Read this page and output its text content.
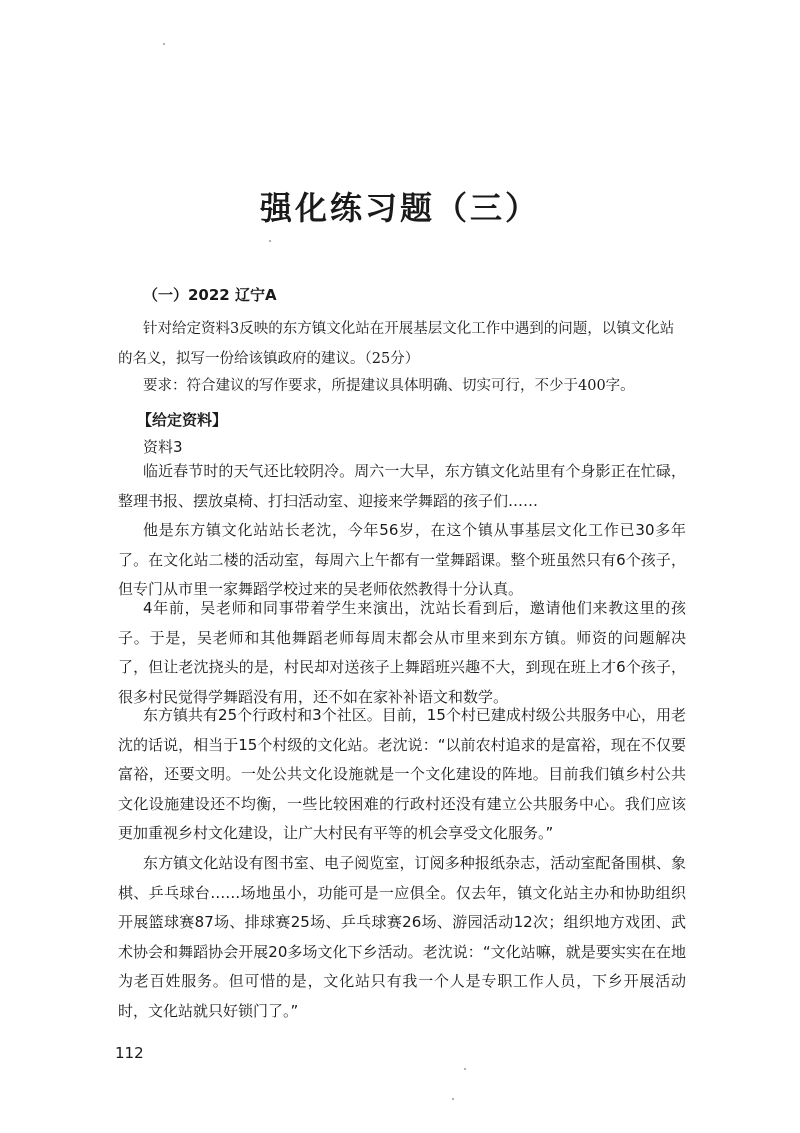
强化练习题（三）
（一）2022 辽宁A
针对给定资料3反映的东方镇文化站在开展基层文化工作中遇到的问题，以镇文化站的名义，拟写一份给该镇政府的建议。（25分）
要求：符合建议的写作要求，所提建议具体明确、切实可行，不少于400字。
【给定资料】
资料3
临近春节时的天气还比较阴冷。周六一大早，东方镇文化站里有个身影正在忙碌，整理书报、摆放桌椅、打扫活动室、迎接来学舞蹈的孩子们……
他是东方镇文化站站长老沈，今年56岁，在这个镇从事基层文化工作已30多年了。在文化站二楼的活动室，每周六上午都有一堂舞蹈课。整个班虽然只有6个孩子，但专门从市里一家舞蹈学校过来的吴老师依然教得十分认真。
4年前，吴老师和同事带着学生来演出，沈站长看到后，邀请他们来教这里的孩子。于是，吴老师和其他舞蹈老师每周末都会从市里来到东方镇。师资的问题解决了，但让老沈挠头的是，村民却对送孩子上舞蹈班兴趣不大，到现在班上才6个孩子，很多村民觉得学舞蹈没有用，还不如在家补补语文和数学。
东方镇共有25个行政村和3个社区。目前，15个村已建成村级公共服务中心，用老沈的话说，相当于15个村级的文化站。老沈说：“以前农村追求的是富裕，现在不仅要富裕，还要文明。一处公共文化设施就是一个文化建设的阵地。目前我们镇乡村公共文化设施建设还不均衡，一些比较困难的行政村还没有建立公共服务中心。我们应该更加重视乡村文化建设，让广大村民有平等的机会享受文化服务。”
东方镇文化站设有图书室、电子阅览室，订阅多种报纸杂志，活动室配备围棋、象棋、乒乓球台……场地虽小，功能可是一应俱全。仅去年，镇文化站主办和协助组织开展篮球赛87场、排球赛25场、乒乓球赛26场、游园活动12次；组织地方戏团、武术协会和舞蹈协会开展20多场文化下乡活动。老沈说：“文化站嘛，就是要实实在在地为老百姓服务。但可惜的是，文化站只有我一个人是专职工作人员，下乡开展活动时，文化站就只好锁门了。”
112
